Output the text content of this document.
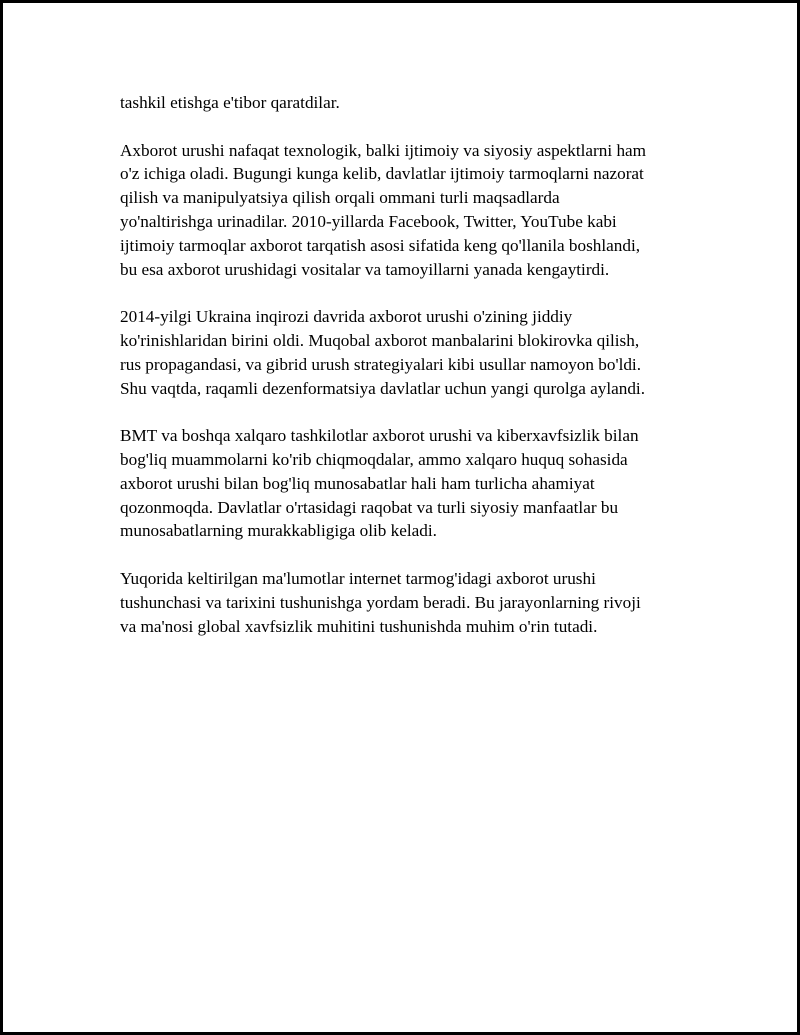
tashkil etishga e'tibor qaratdilar.

Axborot urushi nafaqat texnologik, balki ijtimoiy va siyosiy aspektlarni ham
o'z ichiga oladi. Bugungi kunga kelib, davlatlar ijtimoiy tarmoqlarni nazorat
qilish va manipulyatsiya qilish orqali ommani turli maqsadlarda
yo'naltirishga urinadilar. 2010-yillarda Facebook, Twitter, YouTube kabi
ijtimoiy tarmoqlar axborot tarqatish asosi sifatida keng qo'llanila boshlandi,
bu esa axborot urushidagi vositalar va tamoyillarni yanada kengaytirdi.

2014-yilgi Ukraina inqirozi davrida axborot urushi o'zining jiddiy
ko'rinishlaridan birini oldi. Muqobal axborot manbalarini blokirovka qilish,
rus propagandasi, va gibrid urush strategiyalari kibi usullar namoyon bo'ldi.
Shu vaqtda, raqamli dezenformatsiya davlatlar uchun yangi qurolga aylandi.

BMT va boshqa xalqaro tashkilotlar axborot urushi va kiberxavfsizlik bilan
bog'liq muammolarni ko'rib chiqmoqdalar, ammo xalqaro huquq sohasida
axborot urushi bilan bog'liq munosabatlar hali ham turlicha ahamiyat
qozonmoqda. Davlatlar o'rtasidagi raqobat va turli siyosiy manfaatlar bu
munosabatlarning murakkabligiga olib keladi.

Yuqorida keltirilgan ma'lumotlar internet tarmog'idagi axborot urushi
tushunchasi va tarixini tushunishga yordam beradi. Bu jarayonlarning rivoji
va ma'nosi global xavfsizlik muhitini tushunishda muhim o'rin tutadi.
